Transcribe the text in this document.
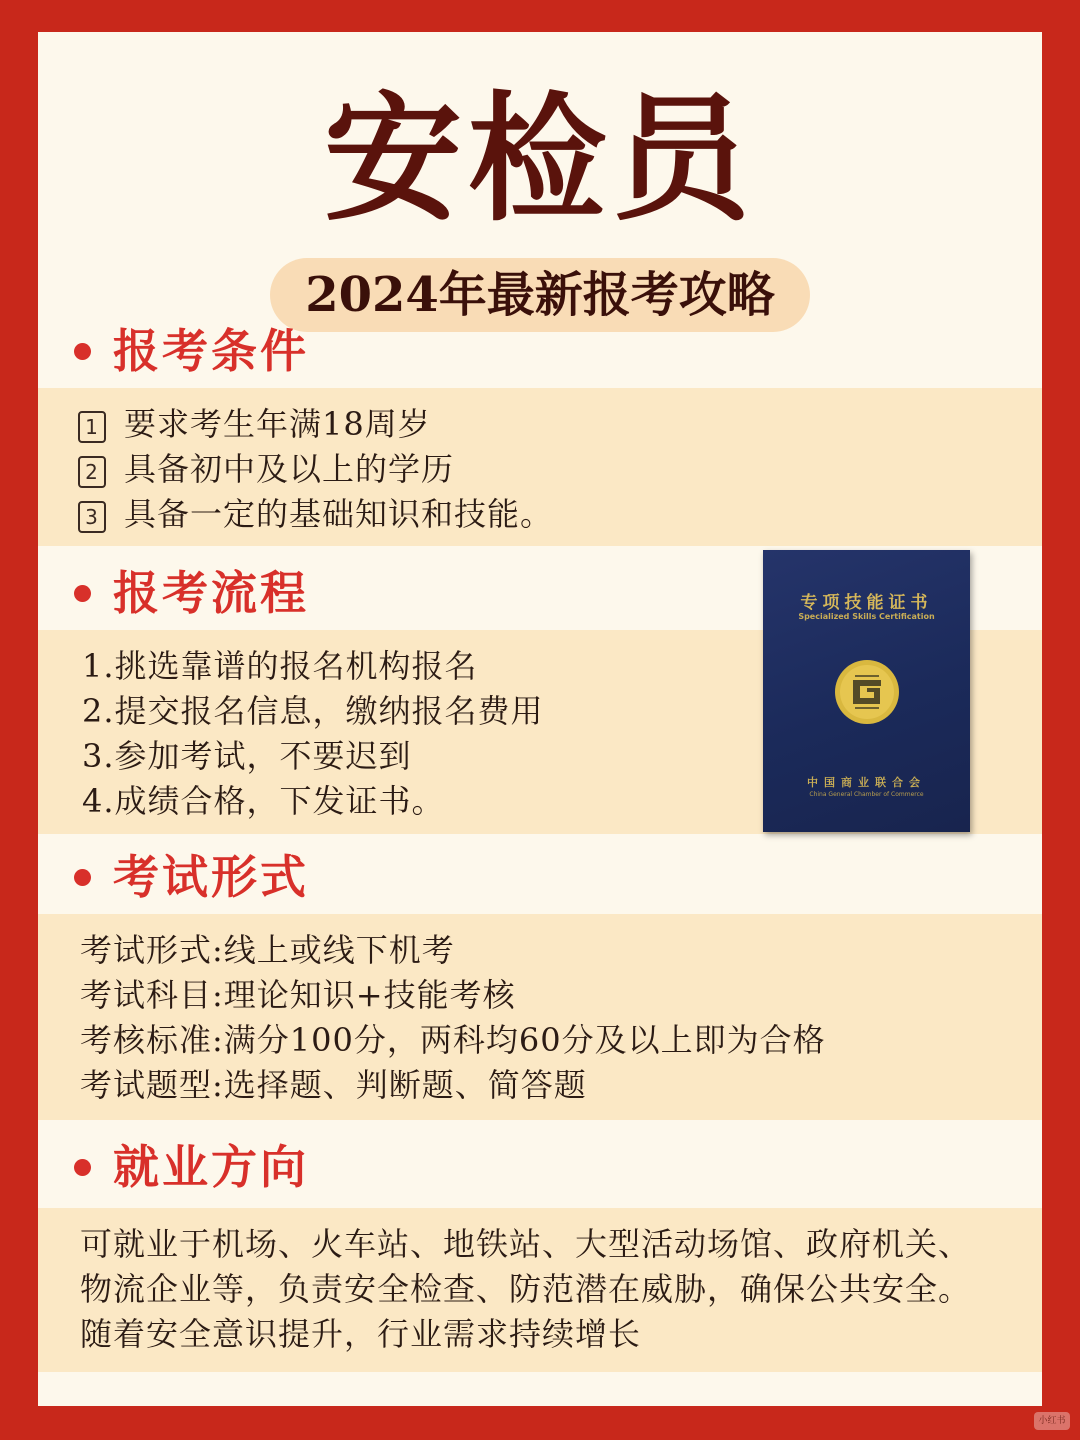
安检员
2024年最新报考攻略
报考条件
1 要求考生年满18周岁
2 具备初中及以上的学历
3 具备一定的基础知识和技能。
报考流程
1.挑选靠谱的报名机构报名
2.提交报名信息，缴纳报名费用
3.参加考试，不要迟到
4.成绩合格，下发证书。
专项技能证书
Specialized Skills Certification
中国商业联合会
China General Chamber of Commerce
考试形式
考试形式:线上或线下机考
考试科目:理论知识+技能考核
考核标准:满分100分，两科均60分及以上即为合格
考试题型:选择题、判断题、简答题
就业方向
可就业于机场、火车站、地铁站、大型活动场馆、政府机关、
物流企业等，负责安全检查、防范潜在威胁，确保公共安全。
随着安全意识提升，行业需求持续增长
小红书
